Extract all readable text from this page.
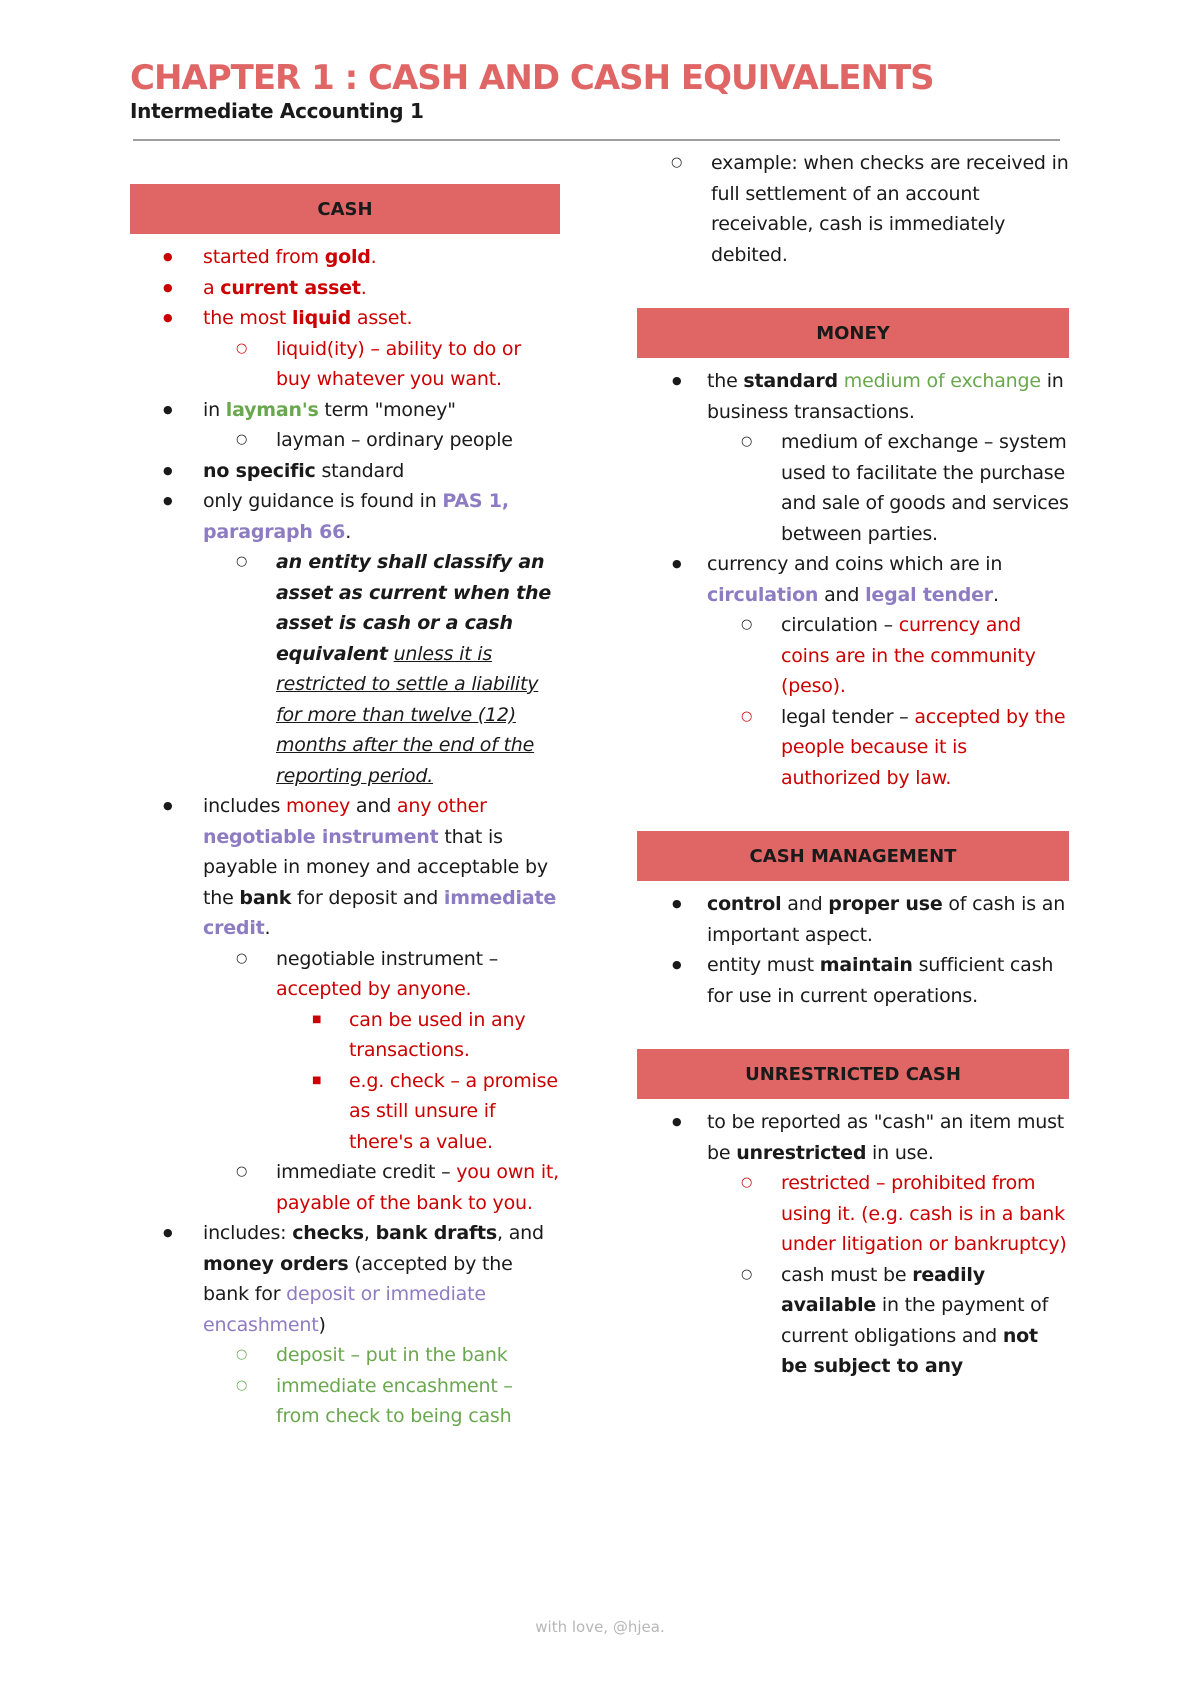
CHAPTER 1 : CASH AND CASH EQUIVALENTS

Intermediate Accounting 1

CASH
● started from gold.
● a current asset.
● the most liquid asset.
○ liquid(ity) – ability to do or buy whatever you want.
● in layman's term "money"
○ layman – ordinary people
● no specific standard
● only guidance is found in PAS 1, paragraph 66.
○ an entity shall classify an asset as current when the asset is cash or a cash equivalent unless it is restricted to settle a liability for more than twelve (12) months after the end of the reporting period.
● includes money and any other negotiable instrument that is payable in money and acceptable by the bank for deposit and immediate credit.
○ negotiable instrument – accepted by anyone.
■ can be used in any transactions.
■ e.g. check – a promise as still unsure if there's a value.
○ immediate credit – you own it, payable of the bank to you.
● includes: checks, bank drafts, and money orders (accepted by the bank for deposit or immediate encashment)
○ deposit – put in the bank
○ immediate encashment – from check to being cash
○ example: when checks are received in full settlement of an account receivable, cash is immediately debited.
MONEY
● the standard medium of exchange in business transactions.
○ medium of exchange – system used to facilitate the purchase and sale of goods and services between parties.
● currency and coins which are in circulation and legal tender.
○ circulation – currency and coins are in the community (peso).
○ legal tender – accepted by the people because it is authorized by law.
CASH MANAGEMENT
● control and proper use of cash is an important aspect.
● entity must maintain sufficient cash for use in current operations.
UNRESTRICTED CASH
● to be reported as "cash" an item must be unrestricted in use.
○ restricted – prohibited from using it. (e.g. cash is in a bank under litigation or bankruptcy)
○ cash must be readily available in the payment of current obligations and not be subject to any

with love, @hjea.
